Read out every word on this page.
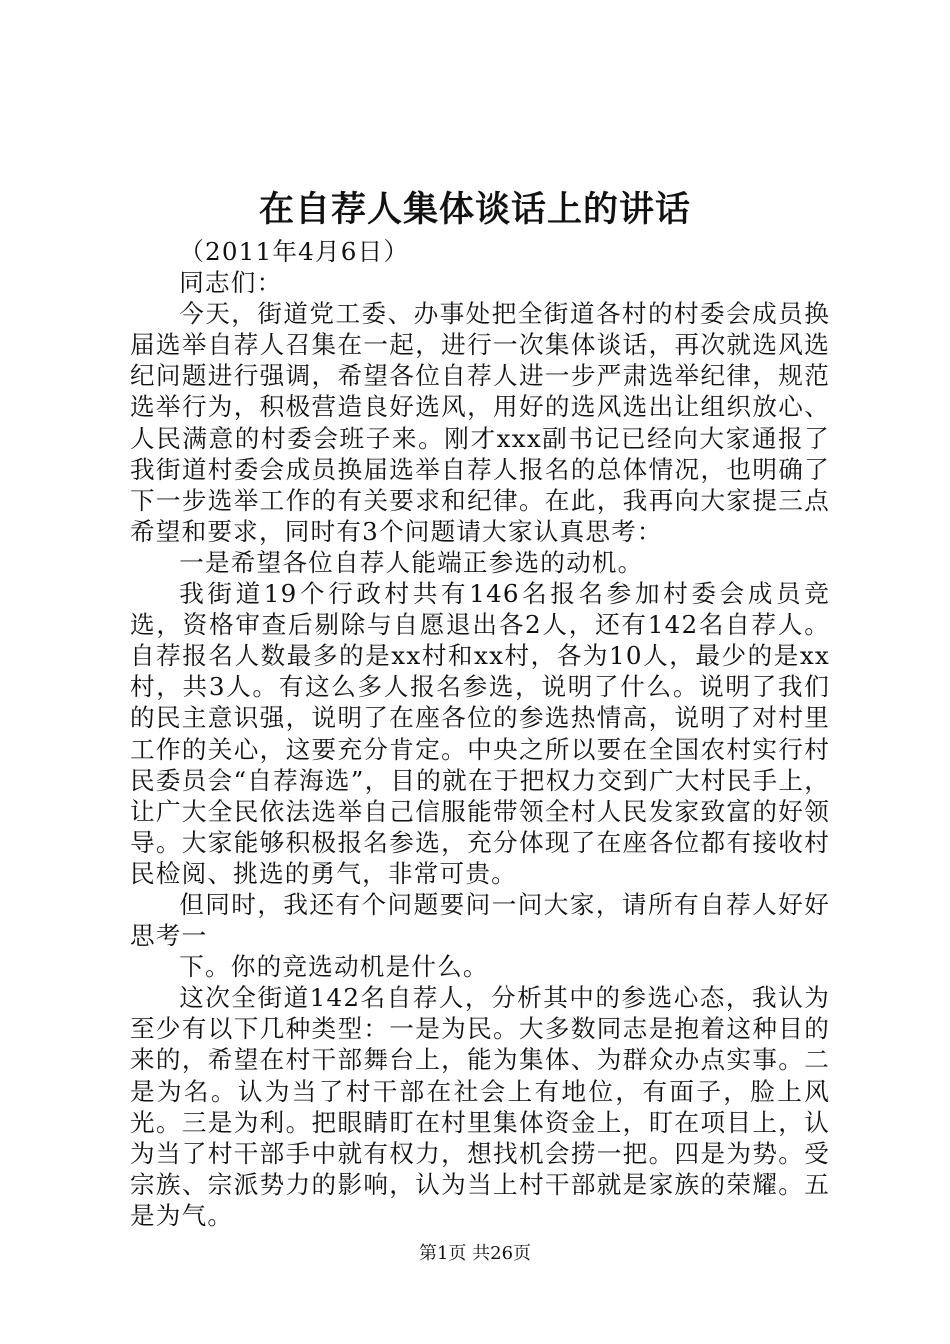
在自荐人集体谈话上的讲话

（2011年4月6日）

同志们：

今天，街道党工委、办事处把全街道各村的村委会成员换届选举自荐人召集在一起，进行一次集体谈话，再次就选风选纪问题进行强调，希望各位自荐人进一步严肃选举纪律，规范选举行为，积极营造良好选风，用好的选风选出让组织放心、人民满意的村委会班子来。刚才xxx副书记已经向大家通报了我街道村委会成员换届选举自荐人报名的总体情况，也明确了下一步选举工作的有关要求和纪律。在此，我再向大家提三点希望和要求，同时有3个问题请大家认真思考：

一是希望各位自荐人能端正参选的动机。

我街道19个行政村共有146名报名参加村委会成员竞选，资格审查后剔除与自愿退出各2人，还有142名自荐人。自荐报名人数最多的是xx村和xx村，各为10人，最少的是xx村，共3人。有这么多人报名参选，说明了什么。说明了我们的民主意识强，说明了在座各位的参选热情高，说明了对村里工作的关心，这要充分肯定。中央之所以要在全国农村实行村民委员会“自荐海选”，目的就在于把权力交到广大村民手上，让广大全民依法选举自己信服能带领全村人民发家致富的好领导。大家能够积极报名参选，充分体现了在座各位都有接收村民检阅、挑选的勇气，非常可贵。

但同时，我还有个问题要问一问大家，请所有自荐人好好思考一

下。你的竞选动机是什么。

这次全街道142名自荐人，分析其中的参选心态，我认为至少有以下几种类型：一是为民。大多数同志是抱着这种目的来的，希望在村干部舞台上，能为集体、为群众办点实事。二是为名。认为当了村干部在社会上有地位，有面子，脸上风光。三是为利。把眼睛盯在村里集体资金上，盯在项目上，认为当了村干部手中就有权力，想找机会捞一把。四是为势。受宗族、宗派势力的影响，认为当上村干部就是家族的荣耀。五是为气。

第1页 共26页
